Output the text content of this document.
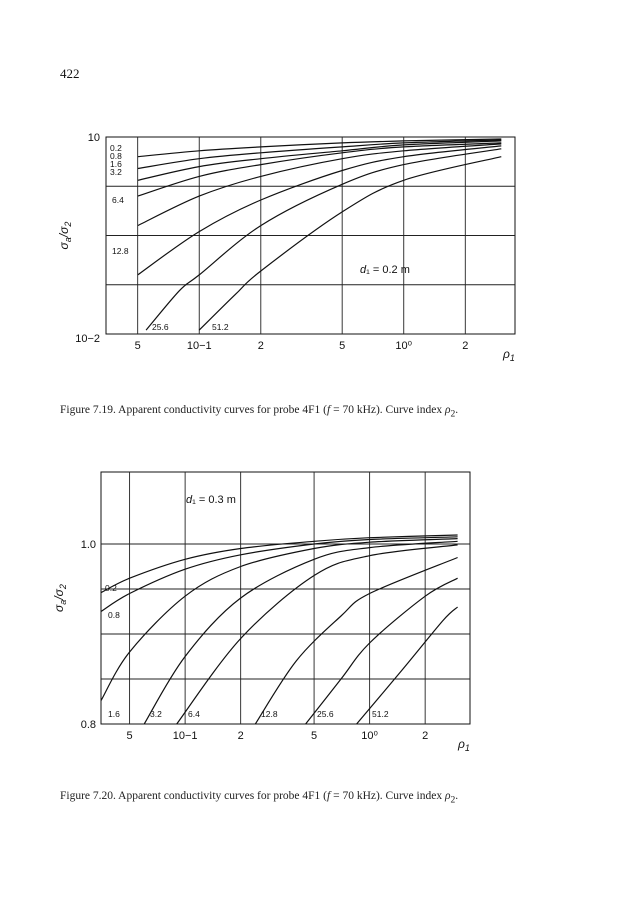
422
5	10−1	2	5	10⁰	2
0.2
0.8
1.6
3.2
6.4
12.8
25.6	51.2
d₁ = 0.2 m
$\rho_1$
$\sigma_a/\sigma_2$
10
10−2
Figure 7.19. Apparent conductivity curves for probe 4F1 (f = 70 kHz). Curve index $\rho_2$.
5	10−1	2	5	10⁰	2
0.2
0.8
1.6	3.2	6.4	12.8	25.6	51.2
d₁ = 0.3 m
$\rho_1$
$\sigma_a/\sigma_2$
1.0
0.8
Figure 7.20. Apparent conductivity curves for probe 4F1 (f = 70 kHz). Curve index $\rho_2$.
